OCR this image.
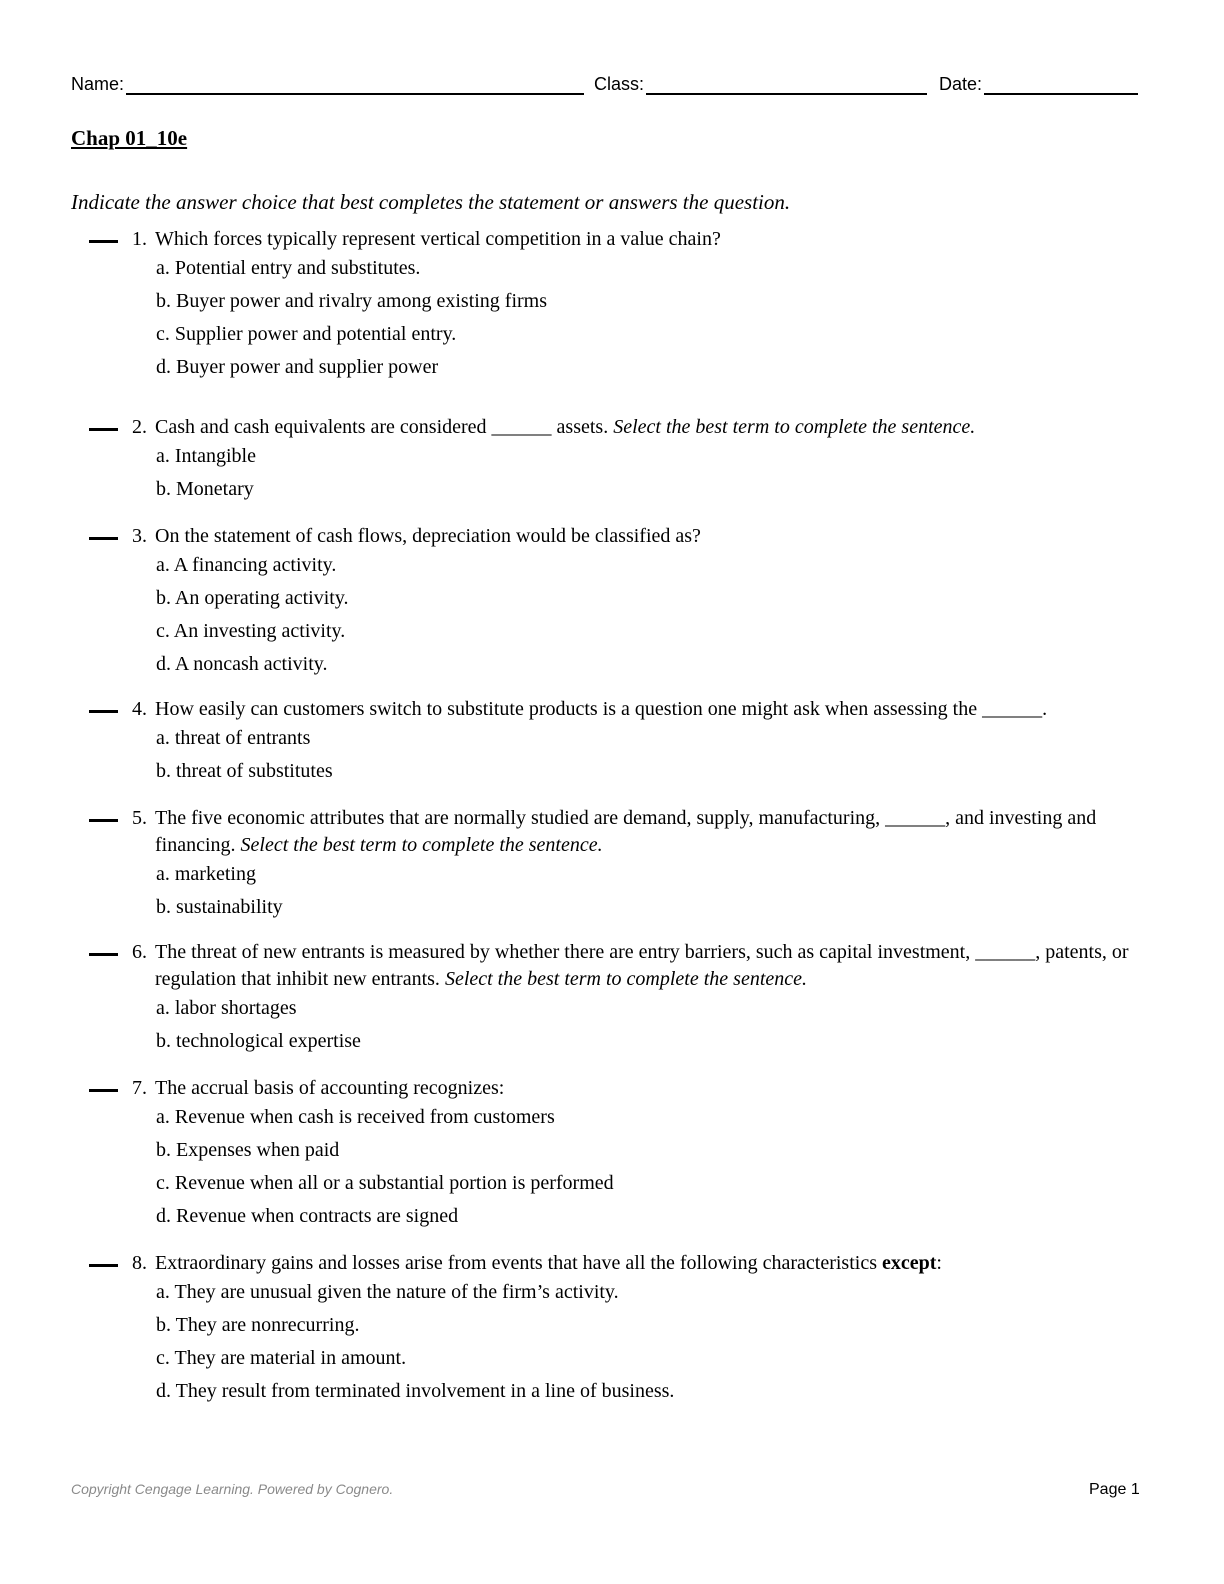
Name:	Class:	Date:
Chap 01_10e
Indicate the answer choice that best completes the statement or answers the question.
1. Which forces typically represent vertical competition in a value chain?
a. Potential entry and substitutes.
b. Buyer power and rivalry among existing firms
c. Supplier power and potential entry.
d. Buyer power and supplier power
2. Cash and cash equivalents are considered ______ assets. Select the best term to complete the sentence.
a. Intangible
b. Monetary
3. On the statement of cash flows, depreciation would be classified as?
a. A financing activity.
b. An operating activity.
c. An investing activity.
d. A noncash activity.
4. How easily can customers switch to substitute products is a question one might ask when assessing the ______.
a. threat of entrants
b. threat of substitutes
5. The five economic attributes that are normally studied are demand, supply, manufacturing, ______, and investing and financing. Select the best term to complete the sentence.
a. marketing
b. sustainability
6. The threat of new entrants is measured by whether there are entry barriers, such as capital investment, ______, patents, or regulation that inhibit new entrants. Select the best term to complete the sentence.
a. labor shortages
b. technological expertise
7. The accrual basis of accounting recognizes:
a. Revenue when cash is received from customers
b. Expenses when paid
c. Revenue when all or a substantial portion is performed
d. Revenue when contracts are signed
8. Extraordinary gains and losses arise from events that have all the following characteristics except:
a. They are unusual given the nature of the firm’s activity.
b. They are nonrecurring.
c. They are material in amount.
d. They result from terminated involvement in a line of business.
Copyright Cengage Learning. Powered by Cognero.	Page 1
